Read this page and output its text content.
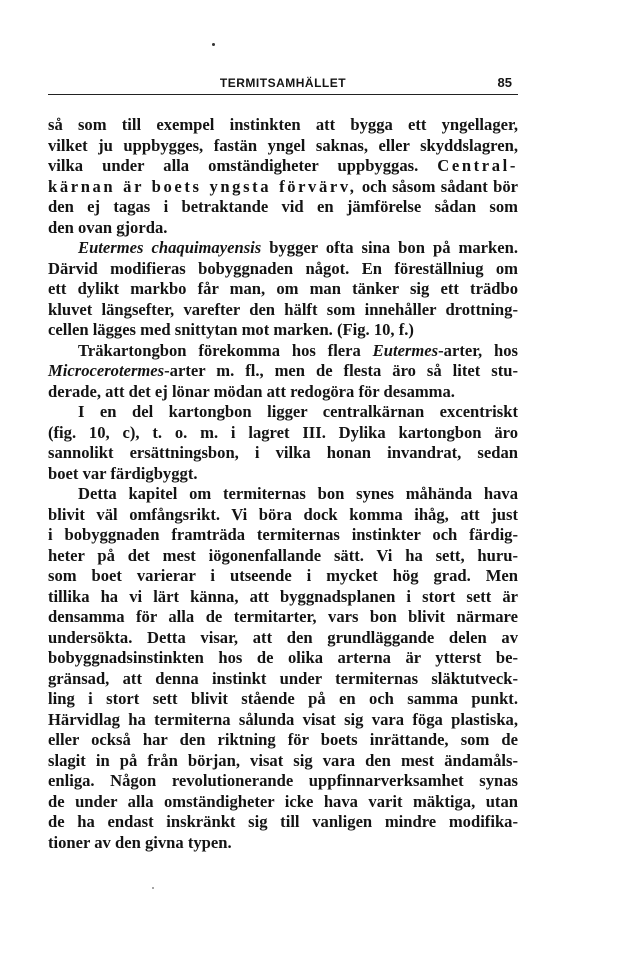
TERMITSAMHÄLLET	85
så som till exempel instinkten att bygga ett yngellager,
vilket ju uppbygges, fastän yngel saknas, eller skyddslagren,
vilka under alla omständigheter uppbyggas. Central-
kärnan är boets yngsta förvärv, och såsom sådant bör
den ej tagas i betraktande vid en jämförelse sådan som
den ovan gjorda.
Eutermes chaquimayensis bygger ofta sina bon på marken.
Därvid modifieras bobyggnaden något. En föreställniug om
ett dylikt markbo får man, om man tänker sig ett trädbo
kluvet längsefter, varefter den hälft som innehåller drottning-
cellen lägges med snittytan mot marken. (Fig. 10, f.)
Träkartongbon förekomma hos flera Eutermes-arter, hos
Microcerotermes-arter m. fl., men de flesta äro så litet stu-
derade, att det ej lönar mödan att redogöra för desamma.
I en del kartongbon ligger centralkärnan excentriskt
(fig. 10, c), t. o. m. i lagret III. Dylika kartongbon äro
sannolikt ersättningsbon, i vilka honan invandrat, sedan
boet var färdigbyggt.
Detta kapitel om termiternas bon synes måhända hava
blivit väl omfångsrikt. Vi böra dock komma ihåg, att just
i bobyggnaden framträda termiternas instinkter och färdig-
heter på det mest iögonenfallande sätt. Vi ha sett, huru-
som boet varierar i utseende i mycket hög grad. Men
tillika ha vi lärt känna, att byggnadsplanen i stort sett är
densamma för alla de termitarter, vars bon blivit närmare
undersökta. Detta visar, att den grundläggande delen av
bobyggnadsinstinkten hos de olika arterna är ytterst be-
gränsad, att denna instinkt under termiternas släktutveck-
ling i stort sett blivit stående på en och samma punkt.
Härvidlag ha termiterna sålunda visat sig vara föga plastiska,
eller också har den riktning för boets inrättande, som de
slagit in på från början, visat sig vara den mest ändamåls-
enliga. Någon revolutionerande uppfinnarverksamhet synas
de under alla omständigheter icke hava varit mäktiga, utan
de ha endast inskränkt sig till vanligen mindre modifika-
tioner av den givna typen.
